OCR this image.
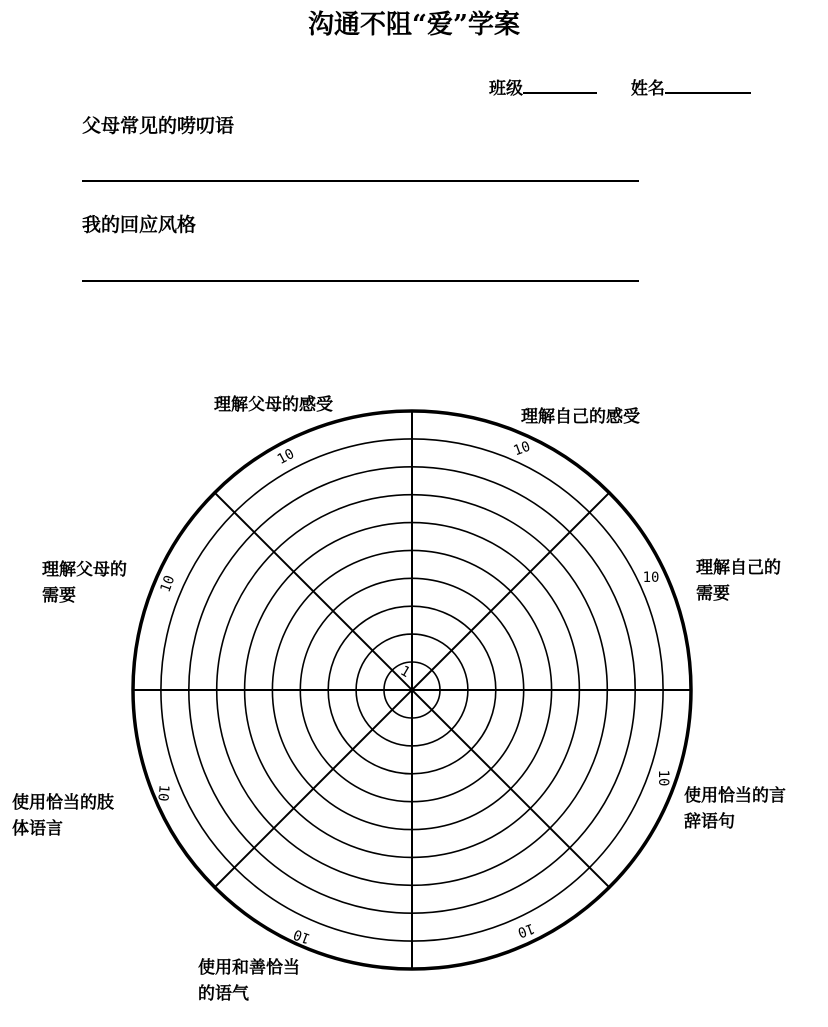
沟通不阻“爱”学案
班级	姓名
父母常见的唠叨语
我的回应风格
10	10
10
10
10
10
10
10
1
理解父母的感受
理解自己的感受
理解自己的
需要
使用恰当的言
辞语句
使用和善恰当
的语气
使用恰当的肢
体语言
理解父母的
需要
